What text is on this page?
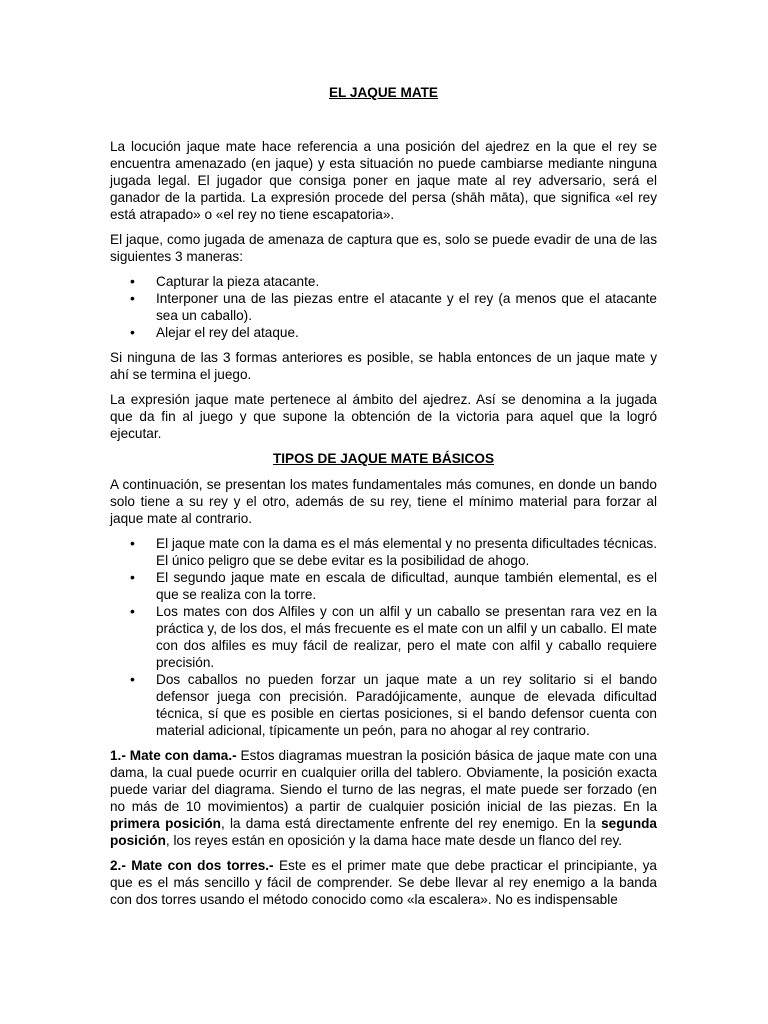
EL JAQUE MATE

La locución jaque mate hace referencia a una posición del ajedrez en la que el rey se encuentra amenazado (en jaque) y esta situación no puede cambiarse mediante ninguna jugada legal. El jugador que consiga poner en jaque mate al rey adversario, será el ganador de la partida. La expresión procede del persa (shāh māta), que significa «el rey está atrapado» o «el rey no tiene escapatoria».

El jaque, como jugada de amenaza de captura que es, solo se puede evadir de una de las siguientes 3 maneras:

• Capturar la pieza atacante.
• Interponer una de las piezas entre el atacante y el rey (a menos que el atacante sea un caballo).
• Alejar el rey del ataque.

Si ninguna de las 3 formas anteriores es posible, se habla entonces de un jaque mate y ahí se termina el juego.

La expresión jaque mate pertenece al ámbito del ajedrez. Así se denomina a la jugada que da fin al juego y que supone la obtención de la victoria para aquel que la logró ejecutar.

TIPOS DE JAQUE MATE BÁSICOS

A continuación, se presentan los mates fundamentales más comunes, en donde un bando solo tiene a su rey y el otro, además de su rey, tiene el mínimo material para forzar al jaque mate al contrario.

• El jaque mate con la dama es el más elemental y no presenta dificultades técnicas. El único peligro que se debe evitar es la posibilidad de ahogo.
• El segundo jaque mate en escala de dificultad, aunque también elemental, es el que se realiza con la torre.
• Los mates con dos Alfiles y con un alfil y un caballo se presentan rara vez en la práctica y, de los dos, el más frecuente es el mate con un alfil y un caballo. El mate con dos alfiles es muy fácil de realizar, pero el mate con alfil y caballo requiere precisión.
• Dos caballos no pueden forzar un jaque mate a un rey solitario si el bando defensor juega con precisión. Paradójicamente, aunque de elevada dificultad técnica, sí que es posible en ciertas posiciones, si el bando defensor cuenta con material adicional, típicamente un peón, para no ahogar al rey contrario.

1.- Mate con dama.- Estos diagramas muestran la posición básica de jaque mate con una dama, la cual puede ocurrir en cualquier orilla del tablero. Obviamente, la posición exacta puede variar del diagrama. Siendo el turno de las negras, el mate puede ser forzado (en no más de 10 movimientos) a partir de cualquier posición inicial de las piezas. En la primera posición, la dama está directamente enfrente del rey enemigo. En la segunda posición, los reyes están en oposición y la dama hace mate desde un flanco del rey.

2.- Mate con dos torres.- Este es el primer mate que debe practicar el principiante, ya que es el más sencillo y fácil de comprender. Se debe llevar al rey enemigo a la banda con dos torres usando el método conocido como «la escalera». No es indispensable
